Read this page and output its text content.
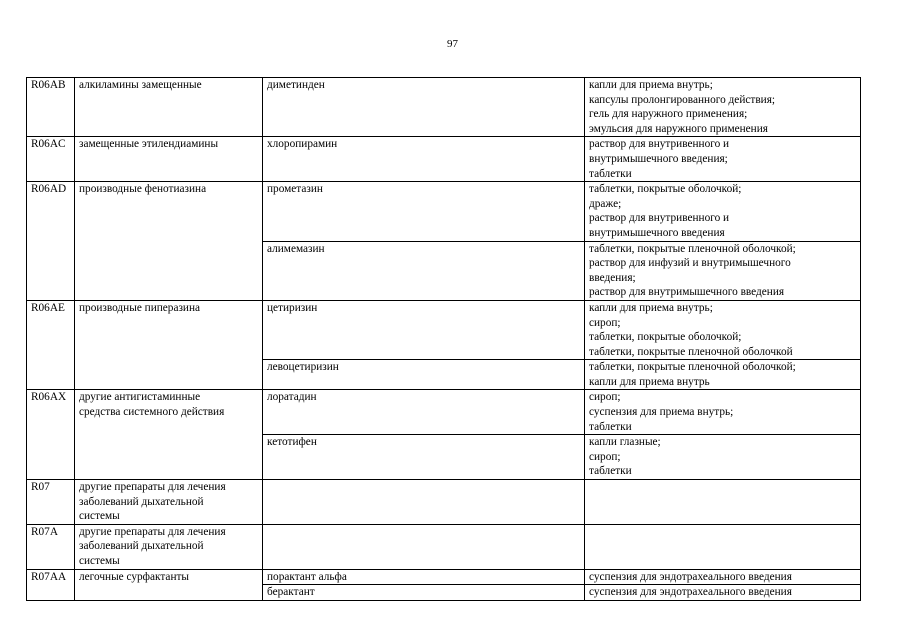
97
R06AB	алкиламины замещенные	диметинден	капли для приема внутрь;
капсулы пролонгированного действия;
гель для наружного применения;
эмульсия для наружного применения

R06AC	замещенные этилендиамины	хлоропирамин	раствор для внутривенного и
внутримышечного введения;
таблетки

R06AD	производные фенотиазина	прометазин	таблетки, покрытые оболочкой;
драже;
раствор для внутривенного и
внутримышечного введения

		алимемазин	таблетки, покрытые пленочной оболочкой;
раствор для инфузий и внутримышечного
введения;
раствор для внутримышечного введения

R06AE	производные пиперазина	цетиризин	капли для приема внутрь;
сироп;
таблетки, покрытые оболочкой;
таблетки, покрытые пленочной оболочкой

		левоцетиризин	таблетки, покрытые пленочной оболочкой;
капли для приема внутрь

R06AX	другие антигистаминные
средства системного действия	лоратадин	сироп;
суспензия для приема внутрь;
таблетки

		кетотифен	капли глазные;
сироп;
таблетки

R07	другие препараты для лечения
заболеваний дыхательной
системы		

R07A	другие препараты для лечения
заболеваний дыхательной
системы		

R07AA	легочные сурфактанты	порактант альфа	суспензия для эндотрахеального введения

		берактант	суспензия для эндотрахеального введения
